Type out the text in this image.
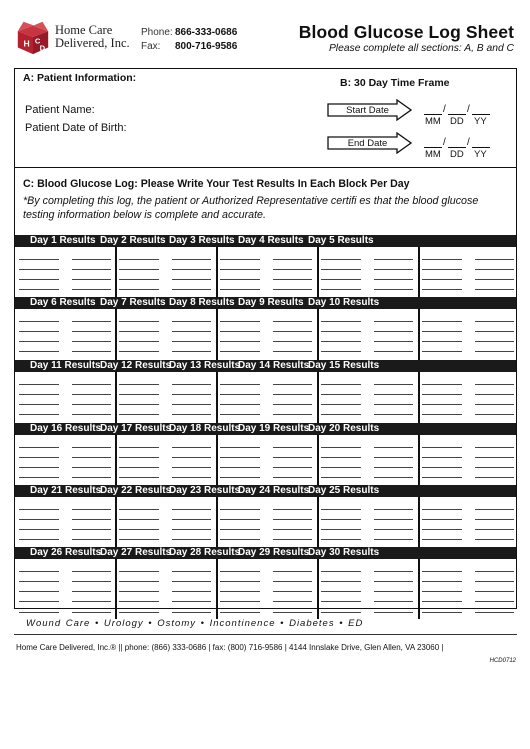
H C
D
Home Care
Delivered, Inc.
Phone: 866-333-0686
Fax: 800-716-9586
Blood Glucose Log Sheet
Please complete all sections: A, B and C
A: Patient Information:
Patient Name:
Patient Date of Birth:
B: 30 Day Time Frame
Start Date
End Date
/ /
MM DD YY
/ /
MM DD YY
C: Blood Glucose Log: Please Write Your Test Results In Each Block Per Day
*By completing this log, the patient or Authorized Representative certifi es that the blood glucose testing information below is complete and accurate.
Day 1 Results Day 2 Results Day 3 Results Day 4 Results Day 5 Results
Day 6 Results Day 7 Results Day 8 Results Day 9 Results Day 10 Results
Day 11 Results Day 12 Results
Day 13 Results
Day 14 Results
Day 15 Results
Day 16 Results
Day 17 Results
Day 18 Results
Day 19 Results
Day 20 Results
Day 21 Results
Day 22 Results
Day 23 Results
Day 24 Results
Day 25 Results
Day 26 Results
Day 27 Results
Day 28 Results
Day 29 Results
Day 30 Results
Wound Care • Urology • Ostomy • Incontinence • Diabetes • ED
Home Care Delivered, Inc.® || phone: (866) 333-0686 | fax: (800) 716-9586 | 4144 Innslake Drive, Glen Allen, VA 23060 |
HCD0712
